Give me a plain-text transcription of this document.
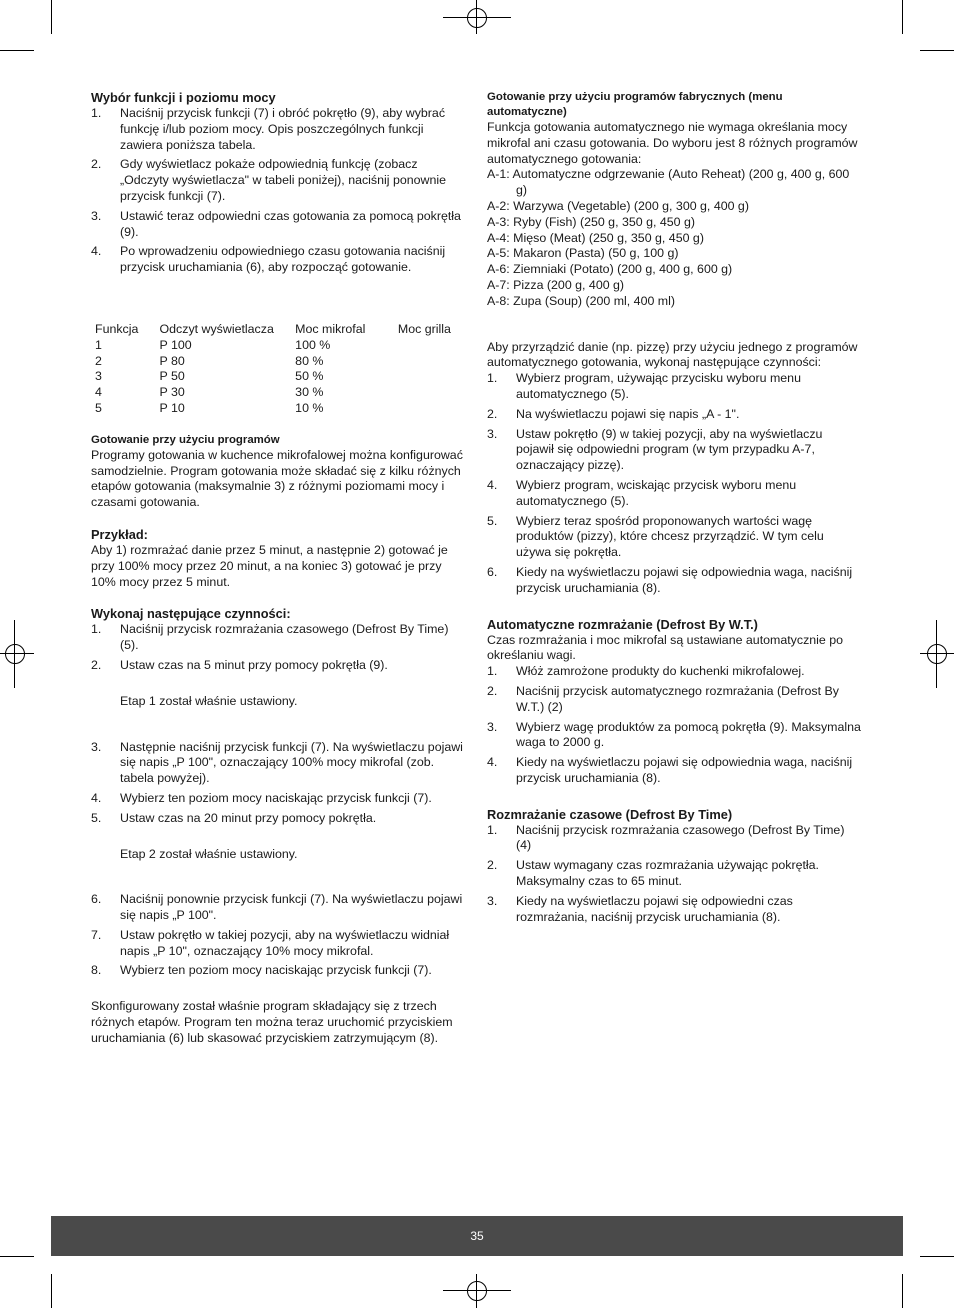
Wybór funkcji i poziomu mocy
1. Naciśnij przycisk funkcji (7) i obróć pokrętło (9), aby wybrać funkcję i/lub poziom mocy. Opis poszczególnych funkcji zawiera poniższa tabela.
2. Gdy wyświetlacz pokaże odpowiednią funkcję (zobacz „Odczyty wyświetlacza" w tabeli poniżej), naciśnij ponownie przycisk funkcji (7).
3. Ustawić teraz odpowiedni czas gotowania za pomocą pokrętła (9).
4. Po wprowadzeniu odpowiedniego czasu gotowania naciśnij przycisk uruchamiania (6), aby rozpocząć gotowanie.
Funkcja	Odczyt wyświetlacza	Moc mikrofal	Moc grilla
1	P 100	100 %	
2	P 80	80 %	
3	P 50	50 %	
4	P 30	30 %	
5	P 10	10 %	
Gotowanie przy użyciu programów

Programy gotowania w kuchence mikrofalowej można konfigurować samodzielnie. Program gotowania może składać się z kilku różnych etapów gotowania (maksymalnie 3) z różnymi poziomami mocy i czasami gotowania.

Przykład:

Aby 1) rozmrażać danie przez 5 minut, a następnie 2) gotować je przy 100% mocy przez 20 minut, a na koniec 3) gotować je przy 10% mocy przez 5 minut.

Wykonaj następujące czynności:
1. Naciśnij przycisk rozmrażania czasowego (Defrost By Time) (5).
2. Ustaw czas na 5 minut przy pomocy pokrętła (9).

Etap 1 został właśnie ustawiony.

3. Następnie naciśnij przycisk funkcji (7). Na wyświetlaczu pojawi się napis „P 100", oznaczający 100% mocy mikrofal (zob. tabela powyżej).
4. Wybierz ten poziom mocy naciskając przycisk funkcji (7).
5. Ustaw czas na 20 minut przy pomocy pokrętła.

Etap 2 został właśnie ustawiony.

6. Naciśnij ponownie przycisk funkcji (7). Na wyświetlaczu pojawi się napis „P 100".
7. Ustaw pokrętło w takiej pozycji, aby na wyświetlaczu widniał napis „P 10", oznaczający 10% mocy mikrofal.
8. Wybierz ten poziom mocy naciskając przycisk funkcji (7).

Skonfigurowany został właśnie program składający się z trzech różnych etapów. Program ten można teraz uruchomić przyciskiem uruchamiania (6) lub skasować przyciskiem zatrzymującym (8).

Gotowanie przy użyciu programów fabrycznych (menu automatyczne)

Funkcja gotowania automatycznego nie wymaga określania mocy mikrofal ani czasu gotowania. Do wyboru jest 8 różnych programów automatycznego gotowania:

A-1: Automatyczne odgrzewanie (Auto Reheat) (200 g, 400 g, 600 g)
A-2: Warzywa (Vegetable) (200 g, 300 g, 400 g)
A-3: Ryby (Fish) (250 g, 350 g, 450 g)
A-4: Mięso (Meat) (250 g, 350 g, 450 g)
A-5: Makaron (Pasta) (50 g, 100 g)
A-6: Ziemniaki (Potato) (200 g, 400 g, 600 g)
A-7: Pizza (200 g, 400 g)
A-8: Zupa (Soup) (200 ml, 400 ml)

Aby przyrządzić danie (np. pizzę) przy użyciu jednego z programów automatycznego gotowania, wykonaj następujące czynności:

1. Wybierz program, używając przycisku wyboru menu automatycznego (5).
2. Na wyświetlaczu pojawi się napis „A - 1".
3. Ustaw pokrętło (9) w takiej pozycji, aby na wyświetlaczu pojawił się odpowiedni program (w tym przypadku A-7, oznaczający pizzę).
4. Wybierz program, wciskając przycisk wyboru menu automatycznego (5).
5. Wybierz teraz spośród proponowanych wartości wagę produktów (pizzy), które chcesz przyrządzić. W tym celu używa się pokrętła.
6. Kiedy na wyświetlaczu pojawi się odpowiednia waga, naciśnij przycisk uruchamiania (8).
Automatyczne rozmrażanie (Defrost By W.T.)

Czas rozmrażania i moc mikrofal są ustawiane automatycznie po określaniu wagi.

1. Włóż zamrożone produkty do kuchenki mikrofalowej.
2. Naciśnij przycisk automatycznego rozmrażania (Defrost By W.T.) (2)
3. Wybierz wagę produktów za pomocą pokrętła (9). Maksymalna waga to 2000 g.
4. Kiedy na wyświetlaczu pojawi się odpowiednia waga, naciśnij przycisk uruchamiania (8).
Rozmrażanie czasowe (Defrost By Time)
1. Naciśnij przycisk rozmrażania czasowego (Defrost By Time) (4)
2. Ustaw wymagany czas rozmrażania używając pokrętła. Maksymalny czas to 65 minut.
3. Kiedy na wyświetlaczu pojawi się odpowiedni czas rozmrażania, naciśnij przycisk uruchamiania (8).
35
